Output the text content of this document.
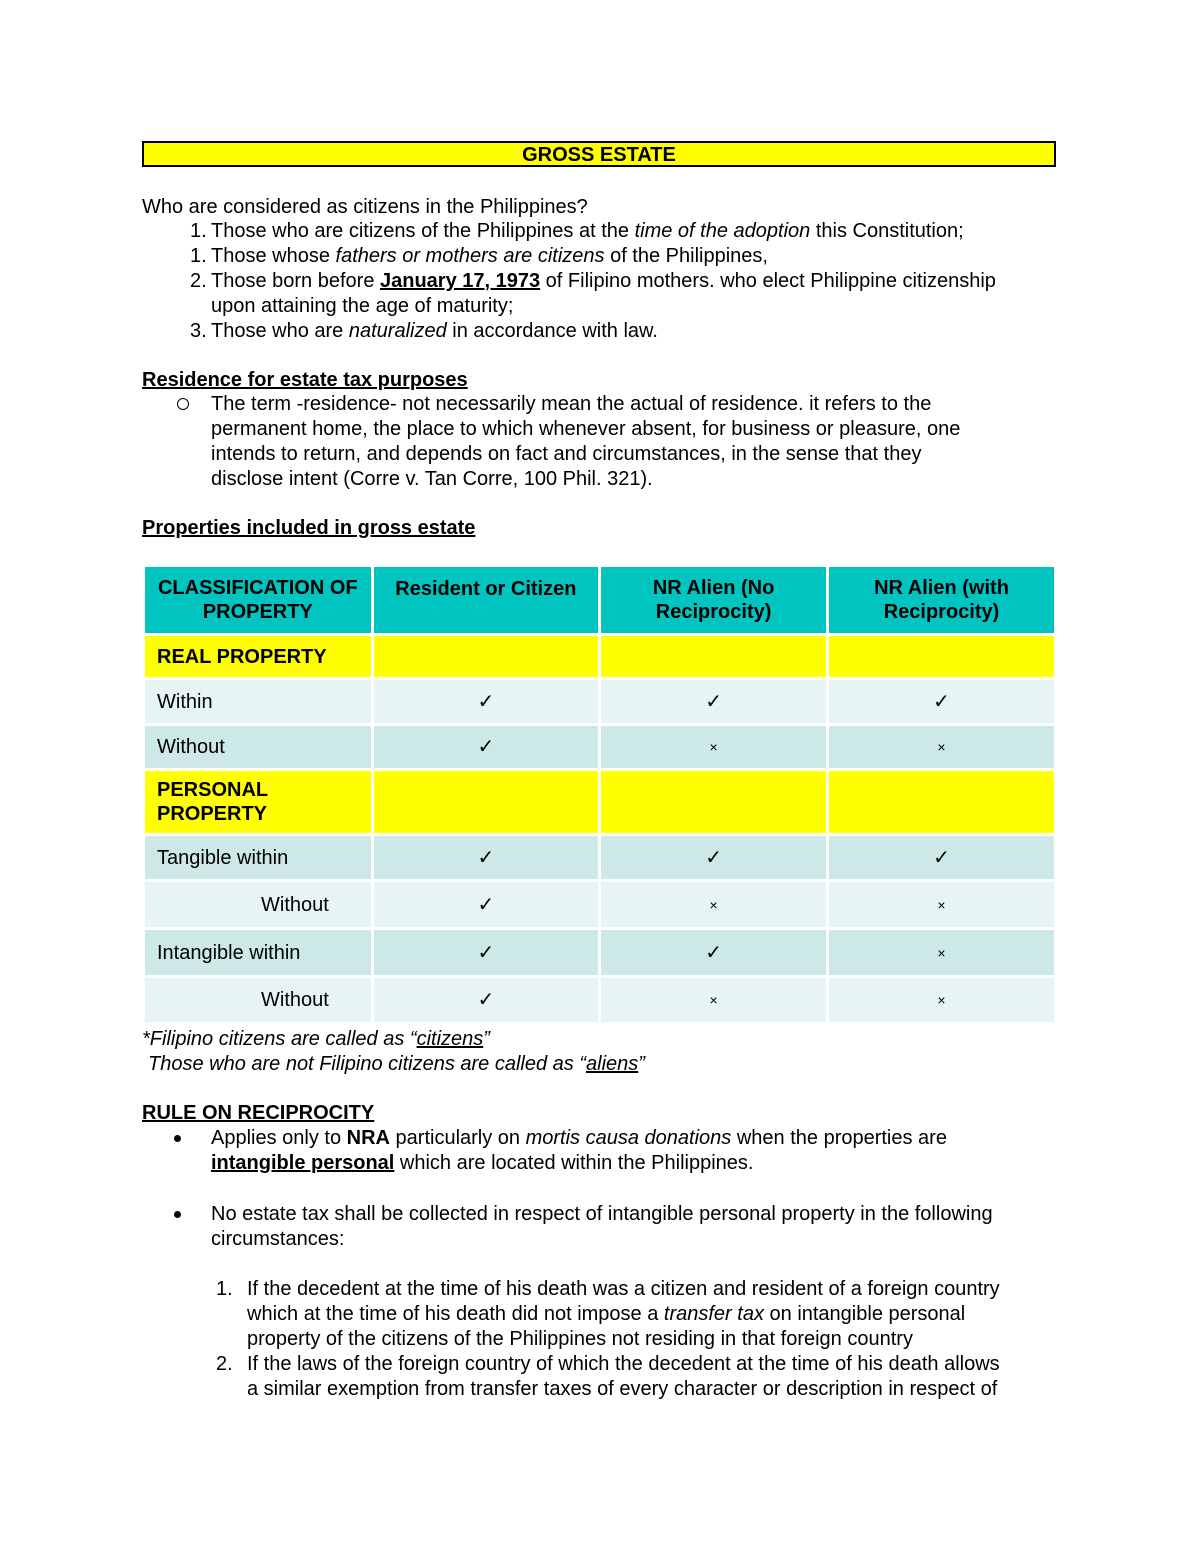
GROSS ESTATE
Who are considered as citizens in the Philippines?
1. Those who are citizens of the Philippines at the time of the adoption this Constitution;
1. Those whose fathers or mothers are citizens of the Philippines,
2. Those born before January 17, 1973 of Filipino mothers. who elect Philippine citizenship
upon attaining the age of maturity;
3. Those who are naturalized in accordance with law.
Residence for estate tax purposes
The term -residence- not necessarily mean the actual of residence. it refers to the
permanent home, the place to which whenever absent, for business or pleasure, one
intends to return, and depends on fact and circumstances, in the sense that they
disclose intent (Corre v. Tan Corre, 100 Phil. 321).
Properties included in gross estate
CLASSIFICATION OF PROPERTY	Resident or Citizen	NR Alien (No Reciprocity)	NR Alien (with Reciprocity)
REAL PROPERTY			
Within	✓	✓	✓
Without	✓	×	×
PERSONAL PROPERTY			
Tangible within	✓	✓	✓
Without	✓	×	×
Intangible within	✓	✓	×
Without	✓	×	×
*Filipino citizens are called as “citizens”
Those who are not Filipino citizens are called as “aliens”
RULE ON RECIPROCITY
Applies only to NRA particularly on mortis causa donations when the properties are
intangible personal which are located within the Philippines.
No estate tax shall be collected in respect of intangible personal property in the following
circumstances:
1. If the decedent at the time of his death was a citizen and resident of a foreign country
which at the time of his death did not impose a transfer tax on intangible personal
property of the citizens of the Philippines not residing in that foreign country
2. If the laws of the foreign country of which the decedent at the time of his death allows
a similar exemption from transfer taxes of every character or description in respect of
